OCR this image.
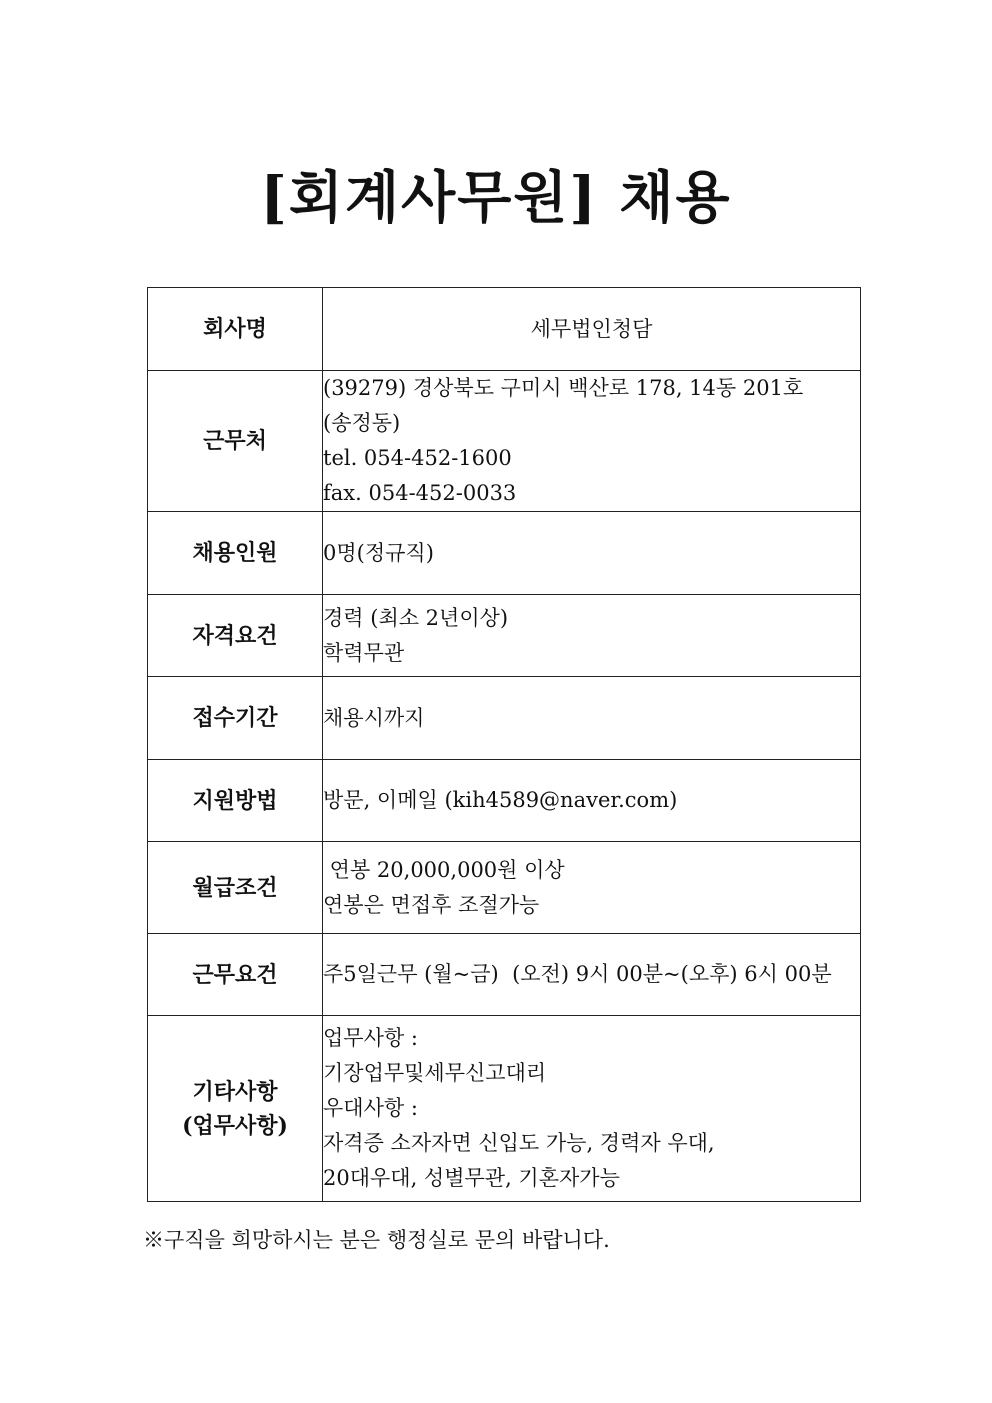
[회계사무원] 채용
회사명	세무법인청담
근무처	(39279) 경상북도 구미시 백산로 178, 14동 201호
(송정동)
tel. 054-452-1600
fax. 054-452-0033

채용인원	0명(정규직)
자격요건	경력 (최소 2년이상)
학력무관

접수기간	채용시까지
지원방법	방문, 이메일 (kih4589@naver.com)
월급조건	연봉 20,000,000원 이상
연봉은 면접후 조절가능

근무요건	주5일근무 (월~금)  (오전) 9시 00분~(오후) 6시 00분

기타사항
(업무사항)	업무사항 :
기장업무및세무신고대리
우대사항 :
자격증 소자자면 신입도 가능, 경력자 우대,
20대우대, 성별무관, 기혼자가능
※구직을 희망하시는 분은 행정실로 문의 바랍니다.
